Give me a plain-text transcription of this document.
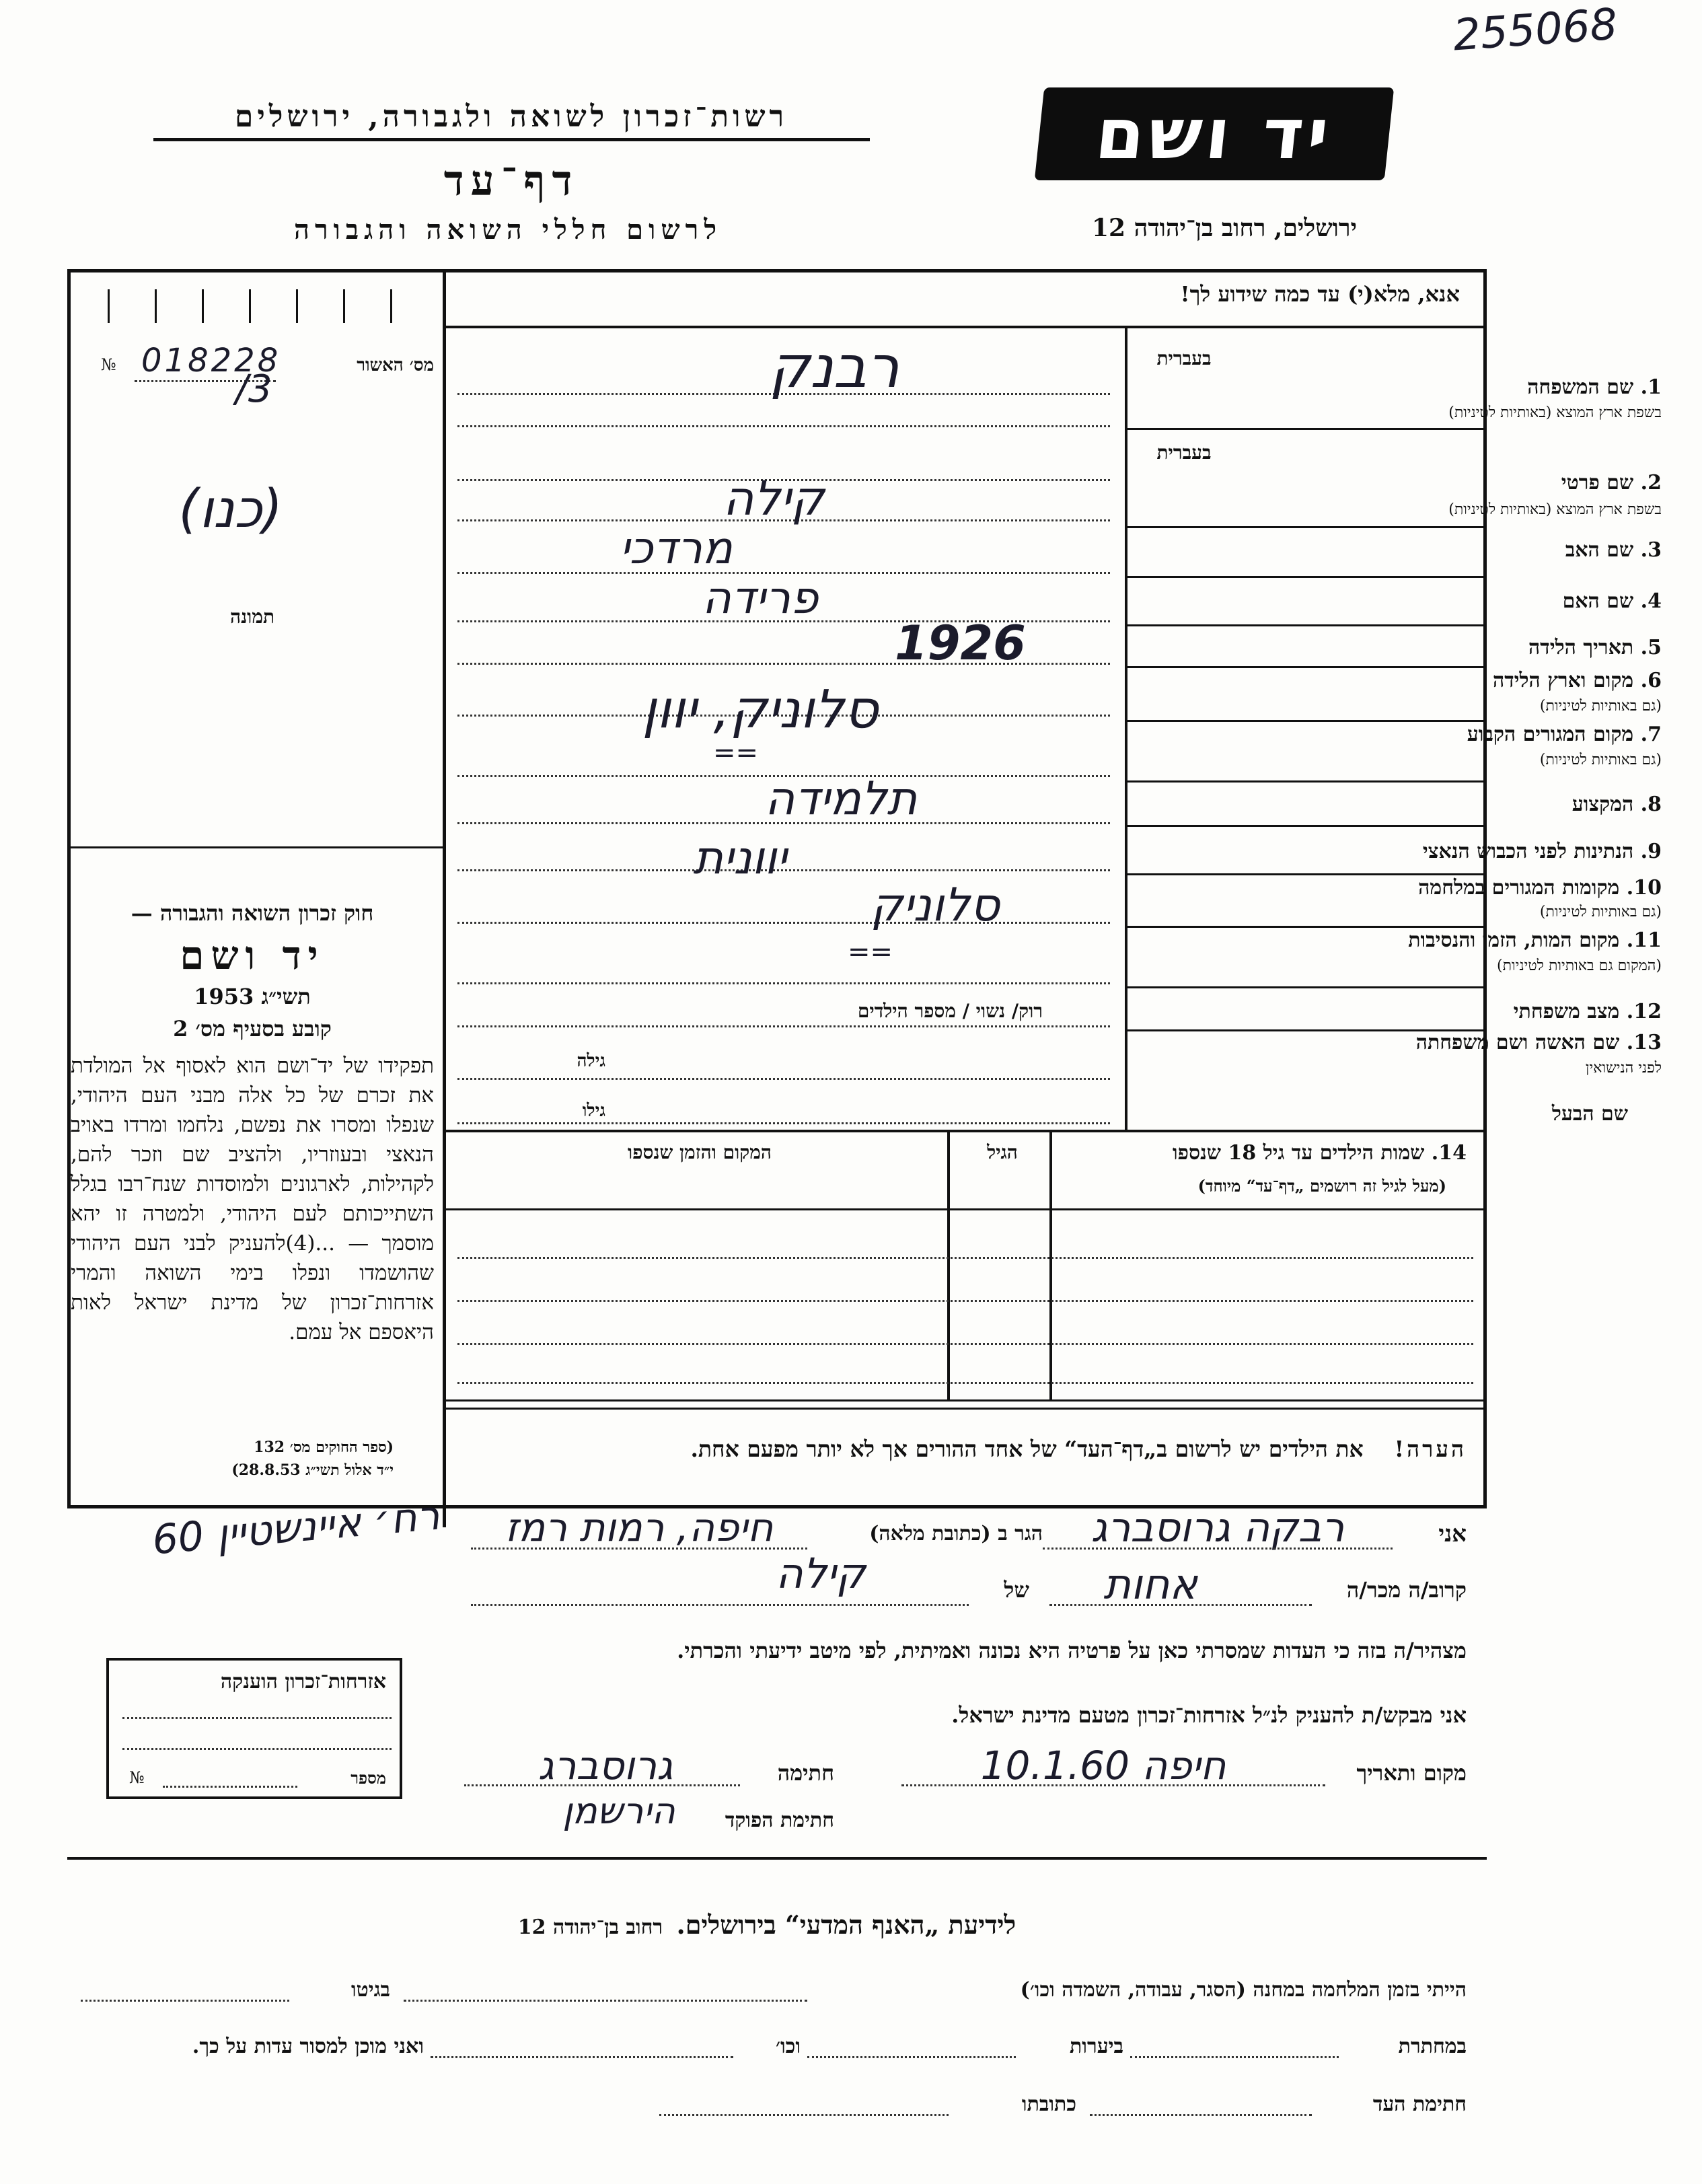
255068
רשות־זכרון לשואה ולגבורה, ירושלים
דף־עד
לרשום חללי השואה והגבורה
יד ושם
ירושלים, רחוב בן־יהודה 12
№ 018228	מס׳ האשור
/3
(כנו)
תמונה
חוק זכרון השואה והגבורה —
יד ושם
תשי״ג 1953
קובע בסעיף מס׳ 2
תפקידו של יד־ושם הוא לאסוף אל המולדת את זכרם של כל אלה מבני העם היהודי, שנפלו ומסרו את נפשם, נלחמו ומרדו באויב הנאצי ובעוזריו, ולהציב שם וזכר להם, לקהילות, לארגונים ולמוסדות שנח־רבו בגלל השתייכותם לעם היהודי, ולמטרה זו יהא מוסמך — ...(4)להעניק לבני העם היהודי שהושמדו ונפלו בימי השואה והמרי אזרחות־זכרון של מדינת ישראל לאות היאספם אל עמם.
(ספר החוקים מס׳ 132
י״ד אלול תשי״ג 28.8.53)
אנא, מלא(י) עד כמה שידוע לך!
בעברית
1. שם המשפחה
בשפת ארץ המוצא (באותיות לטיניות)
בעברית
2. שם פרטי
בשפת ארץ המוצא (באותיות לטיניות)
3. שם האב
4. שם האם
5. תאריך הלידה
6. מקום וארץ הלידה
(גם באותיות לטיניות)
7. מקום המגורים הקבוע
(גם באותיות לטיניות)
8. המקצוע
9. הנתינות לפני הכבוש הנאצי
10. מקומות המגורים במלחמה
(גם באותיות לטיניות)
11. מקום המות, הזמן והנסיבות
(המקום גם באותיות לטיניות)
12. מצב משפחתי
13. שם האשה ושם משפחתה
לפני הנישואין
שם הבעל
רבנק
קילה
מרדכי
פרידה
1926
סלוניק, יוון
==
תלמידה
יוונית
סלוניק
==
רוק/ נשוי / מספר הילדים
גילה
גילו
14. שמות הילדים עד גיל 18 שנספו
(מעל לגיל זה רושמים „דף־עד“ מיוחד)
הגיל
המקום והזמן שנספו
הערה!    את הילדים יש לרשום ב„דף־העד“ של אחד ההורים אך לא יותר מפעם אחת.
אני
רבקה גרוסברג
הגר ב (כתובת מלאה)
חיפה, רמות רמז
רח׳ איינשטיין 60
קרוב/ה מכר/ה
אחות
של
קילה
מצהיר/ה בזה כי העדות שמסרתי כאן על פרטיה היא נכונה ואמיתית, לפי מיטב ידיעתי והכרתי.
אני מבקש/ת להעניק לנ״ל אזרחות־זכרון מטעם מדינת ישראל.
מקום ותאריך
חיפה 10.1.60
חתימה
גרוסברג
חתימת הפוקד
הירשמן
אזרחות־זכרון הוענקה
מספר
№
לידיעת „האנף המדעי“ בירושלים.    רחוב בן־יהודה 12
הייתי בזמן המלחמה במחנה (הסגר, עבודה, השמדה וכו׳)
בגיטו
במחתרת
ביערות
וכו׳
ואני מוכן למסור עדות על כך.
חתימת העד
כתובתו
